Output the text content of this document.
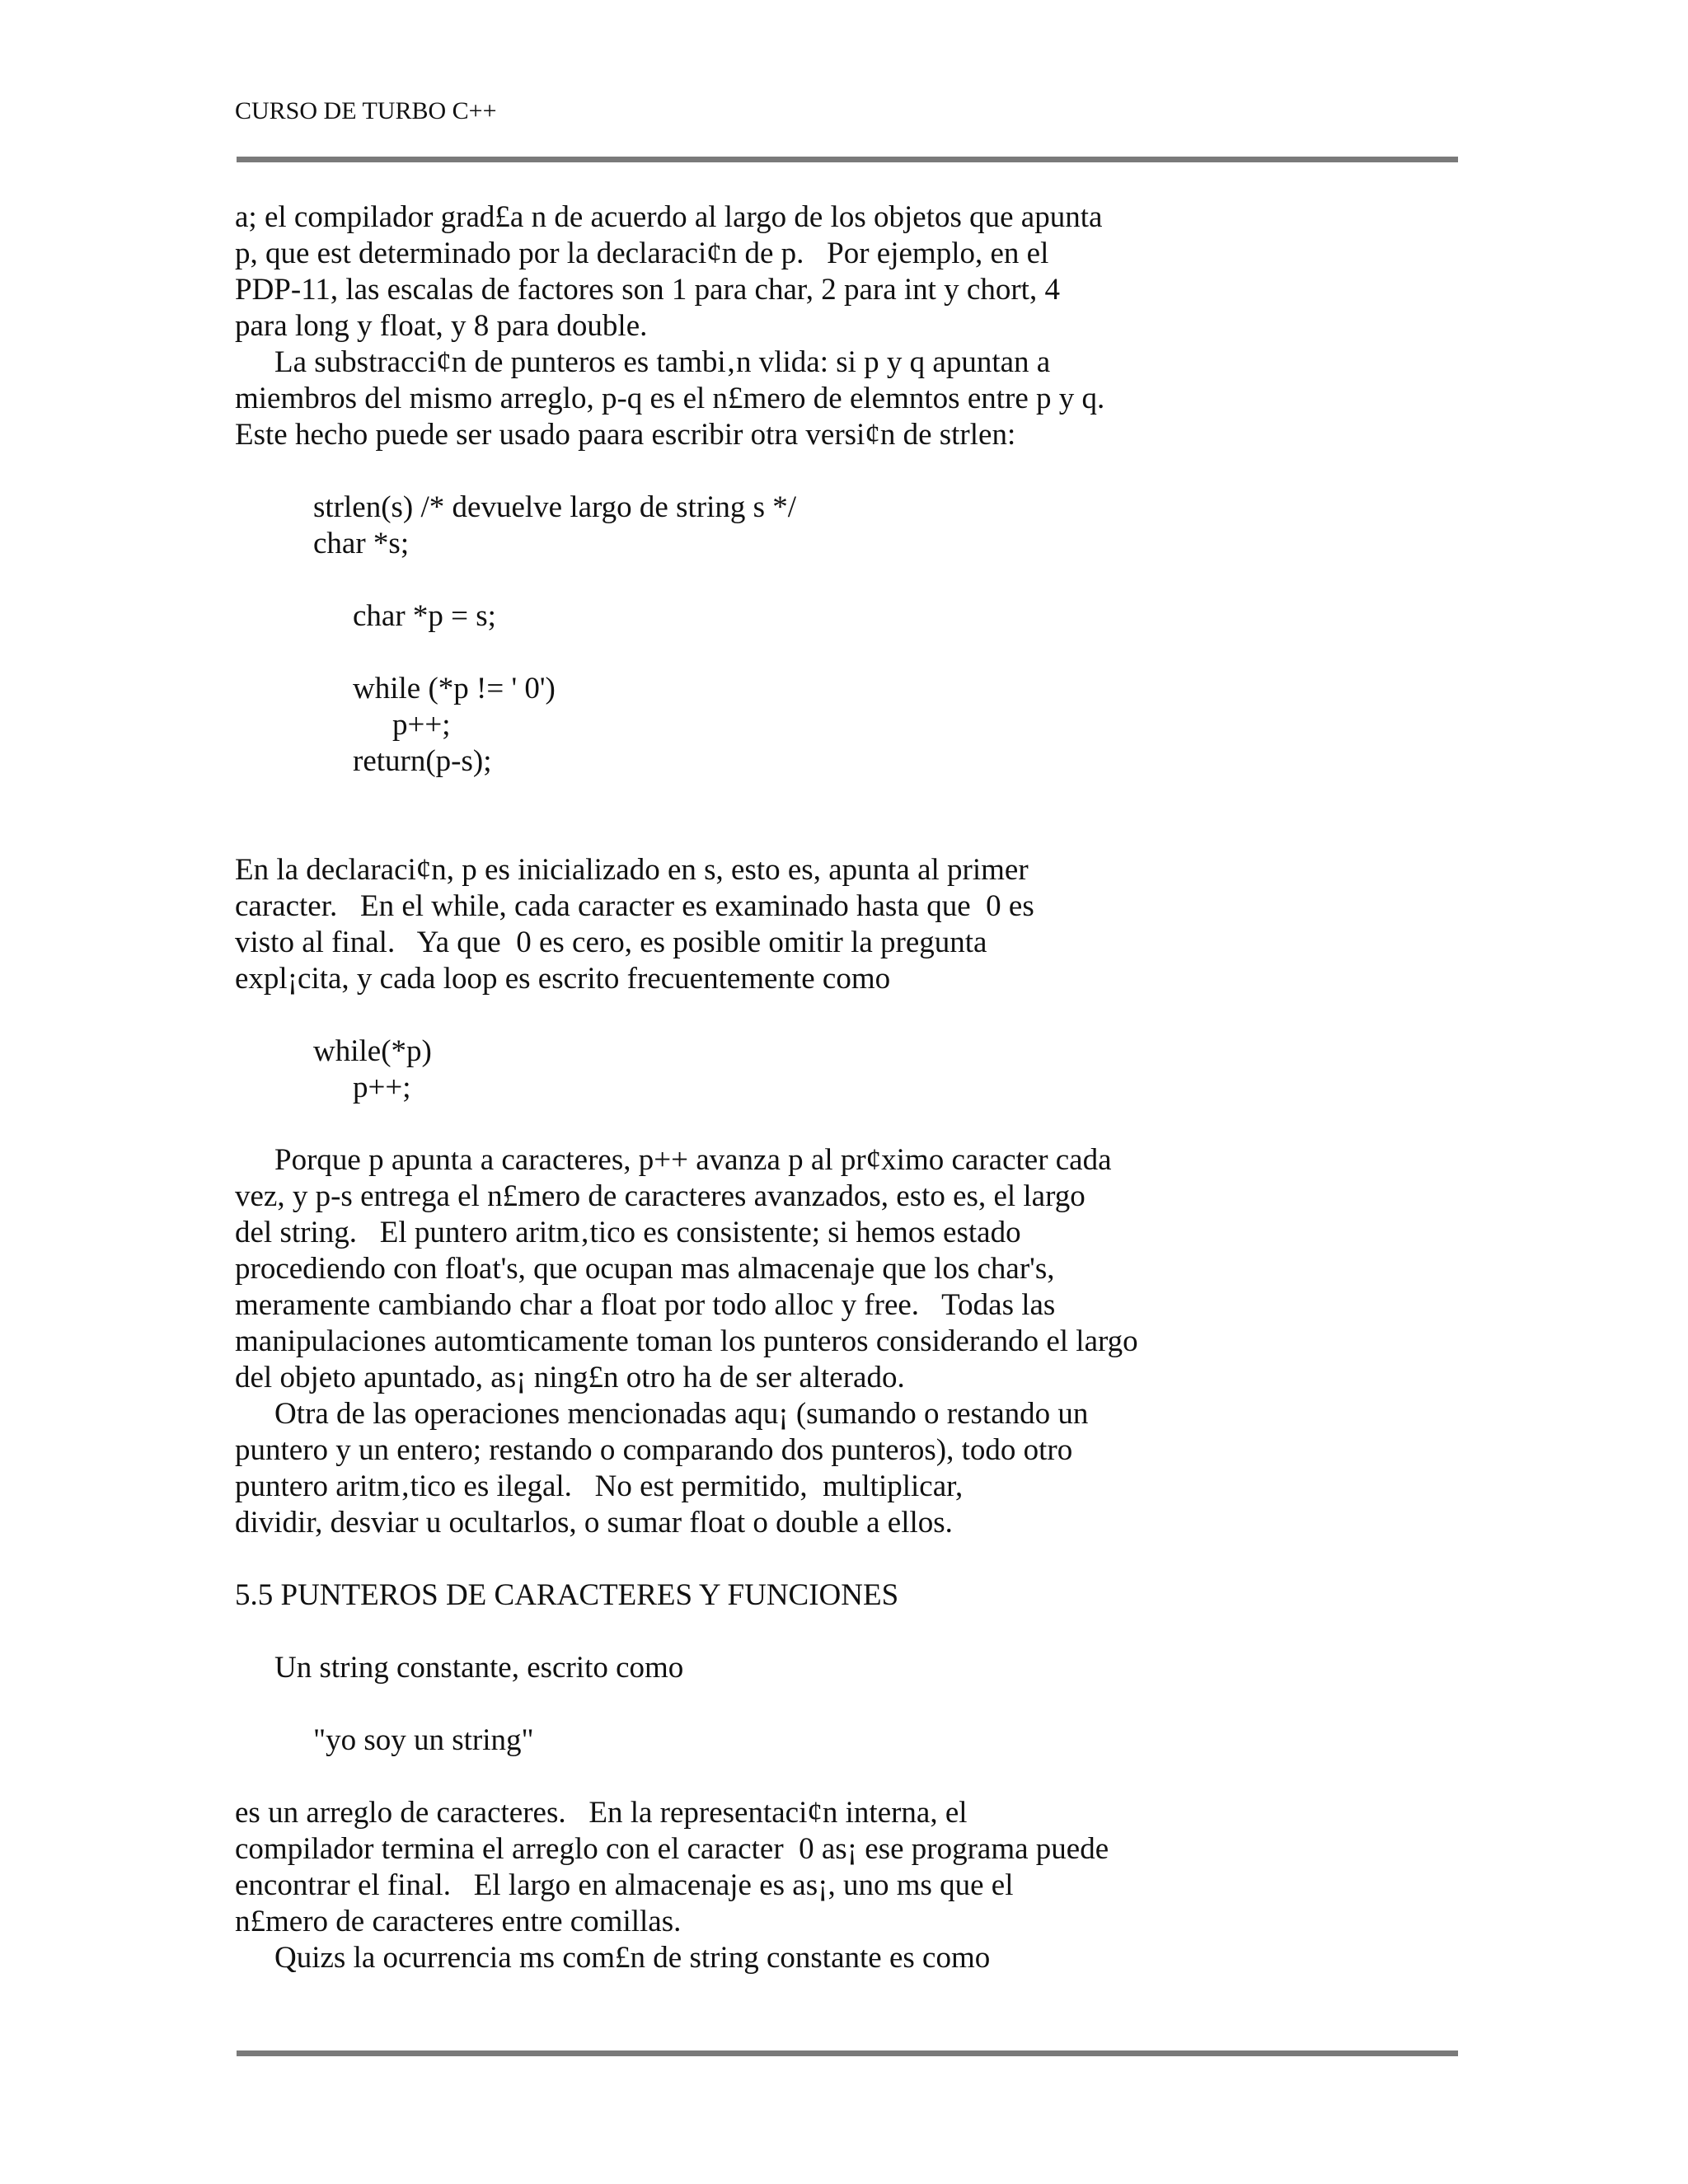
CURSO DE TURBO C++
a; el compilador grad£a n de acuerdo al largo de los objetos que apunta
p, que est determinado por la declaraci¢n de p.   Por ejemplo, en el
PDP-11, las escalas de factores son 1 para char, 2 para int y chort, 4
para long y float, y 8 para double.
La substracci¢n de punteros es tambi‚n vlida: si p y q apuntan a
miembros del mismo arreglo, p-q es el n£mero de elemntos entre p y q.
Este hecho puede ser usado paara escribir otra versi¢n de strlen:
strlen(s) /* devuelve largo de string s */
char *s;
char *p = s;
while (*p != ' 0')
p++;
return(p-s);
En la declaraci¢n, p es inicializado en s, esto es, apunta al primer
caracter.   En el while, cada caracter es examinado hasta que  0 es
visto al final.   Ya que  0 es cero, es posible omitir la pregunta
expl¡cita, y cada loop es escrito frecuentemente como
while(*p)
p++;
Porque p apunta a caracteres, p++ avanza p al pr¢ximo caracter cada
vez, y p-s entrega el n£mero de caracteres avanzados, esto es, el largo
del string.   El puntero aritm‚tico es consistente; si hemos estado
procediendo con float's, que ocupan mas almacenaje que los char's,
meramente cambiando char a float por todo alloc y free.   Todas las
manipulaciones automticamente toman los punteros considerando el largo
del objeto apuntado, as¡ ning£n otro ha de ser alterado.
Otra de las operaciones mencionadas aqu¡ (sumando o restando un
puntero y un entero; restando o comparando dos punteros), todo otro
puntero aritm‚tico es ilegal.   No est permitido,  multiplicar,
dividir, desviar u ocultarlos, o sumar float o double a ellos.
5.5 PUNTEROS DE CARACTERES Y FUNCIONES
Un string constante, escrito como
"yo soy un string"
es un arreglo de caracteres.   En la representaci¢n interna, el
compilador termina el arreglo con el caracter  0 as¡ ese programa puede
encontrar el final.   El largo en almacenaje es as¡, uno ms que el
n£mero de caracteres entre comillas.
Quizs la ocurrencia ms com£n de string constante es como
